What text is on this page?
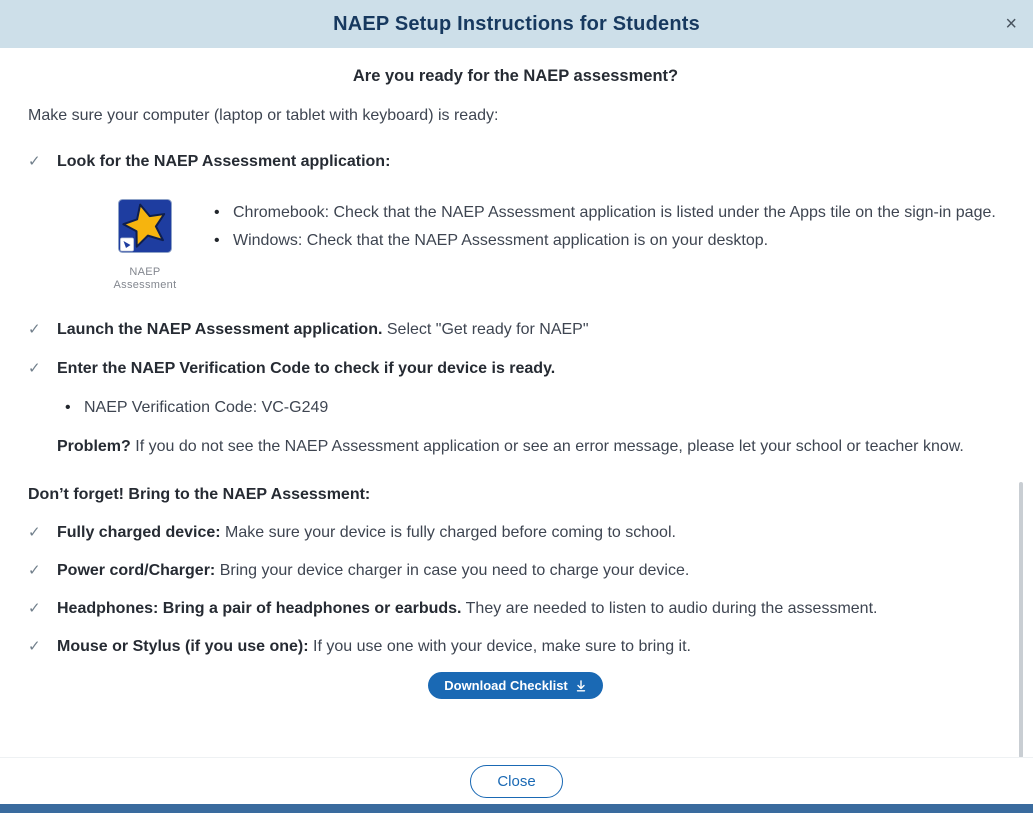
NAEP Setup Instructions for Students	×
Are you ready for the NAEP assessment?

Make sure your computer (laptop or tablet with keyboard) is ready:

✓ Look for the NAEP Assessment application:

NAEP
Assessment
• Chromebook: Check that the NAEP Assessment application is listed under the Apps tile on the sign-in page.

• Windows: Check that the NAEP Assessment application is on your desktop.

✓ Launch the NAEP Assessment application. Select "Get ready for NAEP"

✓ Enter the NAEP Verification Code to check if your device is ready.

• NAEP Verification Code: VC-G249

Problem? If you do not see the NAEP Assessment application or see an error message, please let your school or teacher know.

Don’t forget! Bring to the NAEP Assessment:
✓ Fully charged device: Make sure your device is fully charged before coming to school.

✓ Power cord/Charger: Bring your device charger in case you need to charge your device.

✓ Headphones: Bring a pair of headphones or earbuds. They are needed to listen to audio during the assessment.

✓ Mouse or Stylus (if you use one): If you use one with your device, make sure to bring it.

Download Checklist
Close
